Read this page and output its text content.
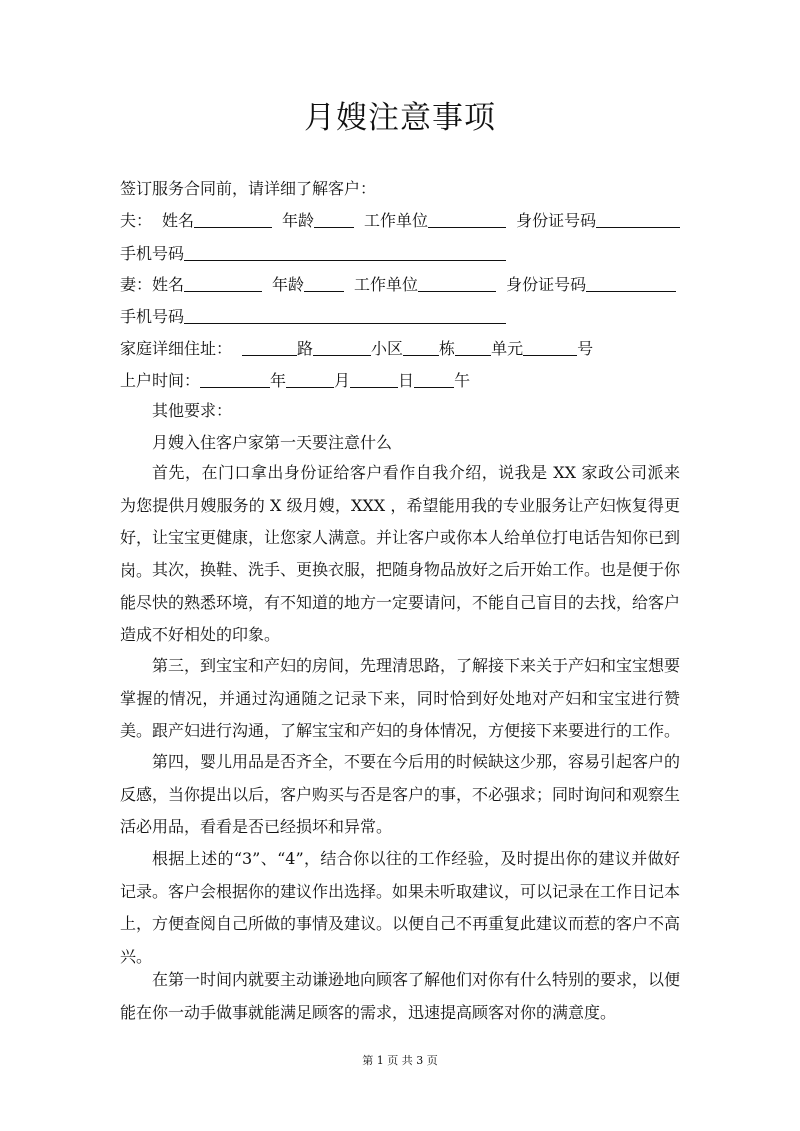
月嫂注意事项
签订服务合同前，请详细了解客户：
夫： 姓名	年龄	工作单位	身份证号码
手机号码
妻：姓名	年龄	工作单位	身份证号码
手机号码
家庭详细住址：	路	小区 栋 单元	号
上户时间：	年	月	日	午
其他要求：
月嫂入住客户家第一天要注意什么
首先，在门口拿出身份证给客户看作自我介绍，说我是 XX 家政公司派来为您提供月嫂服务的 X 级月嫂，XXX ，希望能用我的专业服务让产妇恢复得更好，让宝宝更健康，让您家人满意。并让客户或你本人给单位打电话告知你已到岗。 其次，换鞋、洗手、更换衣服，把随身物品放好之后开始工作。也是便于你能尽快的熟悉环境，有不知道的地方一定要请问，不能自己盲目的去找，给客户造成不好相处的印象。
第三，到宝宝和产妇的房间，先理清思路，了解接下来关于产妇和宝宝想要掌握的情况，并通过沟通随之记录下来，同时恰到好处地对产妇和宝宝进行赞美。跟产妇进行沟通，了解宝宝和产妇的身体情况，方便接下来要进行的工作。
第四，婴儿用品是否齐全，不要在今后用的时候缺这少那，容易引起客户的反感，当你提出以后，客户购买与否是客户的事，不必强求；同时询问和观察生活必用品，看看是否已经损坏和异常。
根据上述的“3”、“4”，结合你以往的工作经验，及时提出你的建议并做好记录。客户会根据你的建议作出选择。如果未听取建议，可以记录在工作日记本上，方便查阅自己所做的事情及建议。以便自己不再重复此建议而惹的客户不高兴。
在第一时间内就要主动谦逊地向顾客了解他们对你有什么特别的要求，以便能在你一动手做事就能满足顾客的需求，迅速提高顾客对你的满意度。
第 1 页 共 3 页
